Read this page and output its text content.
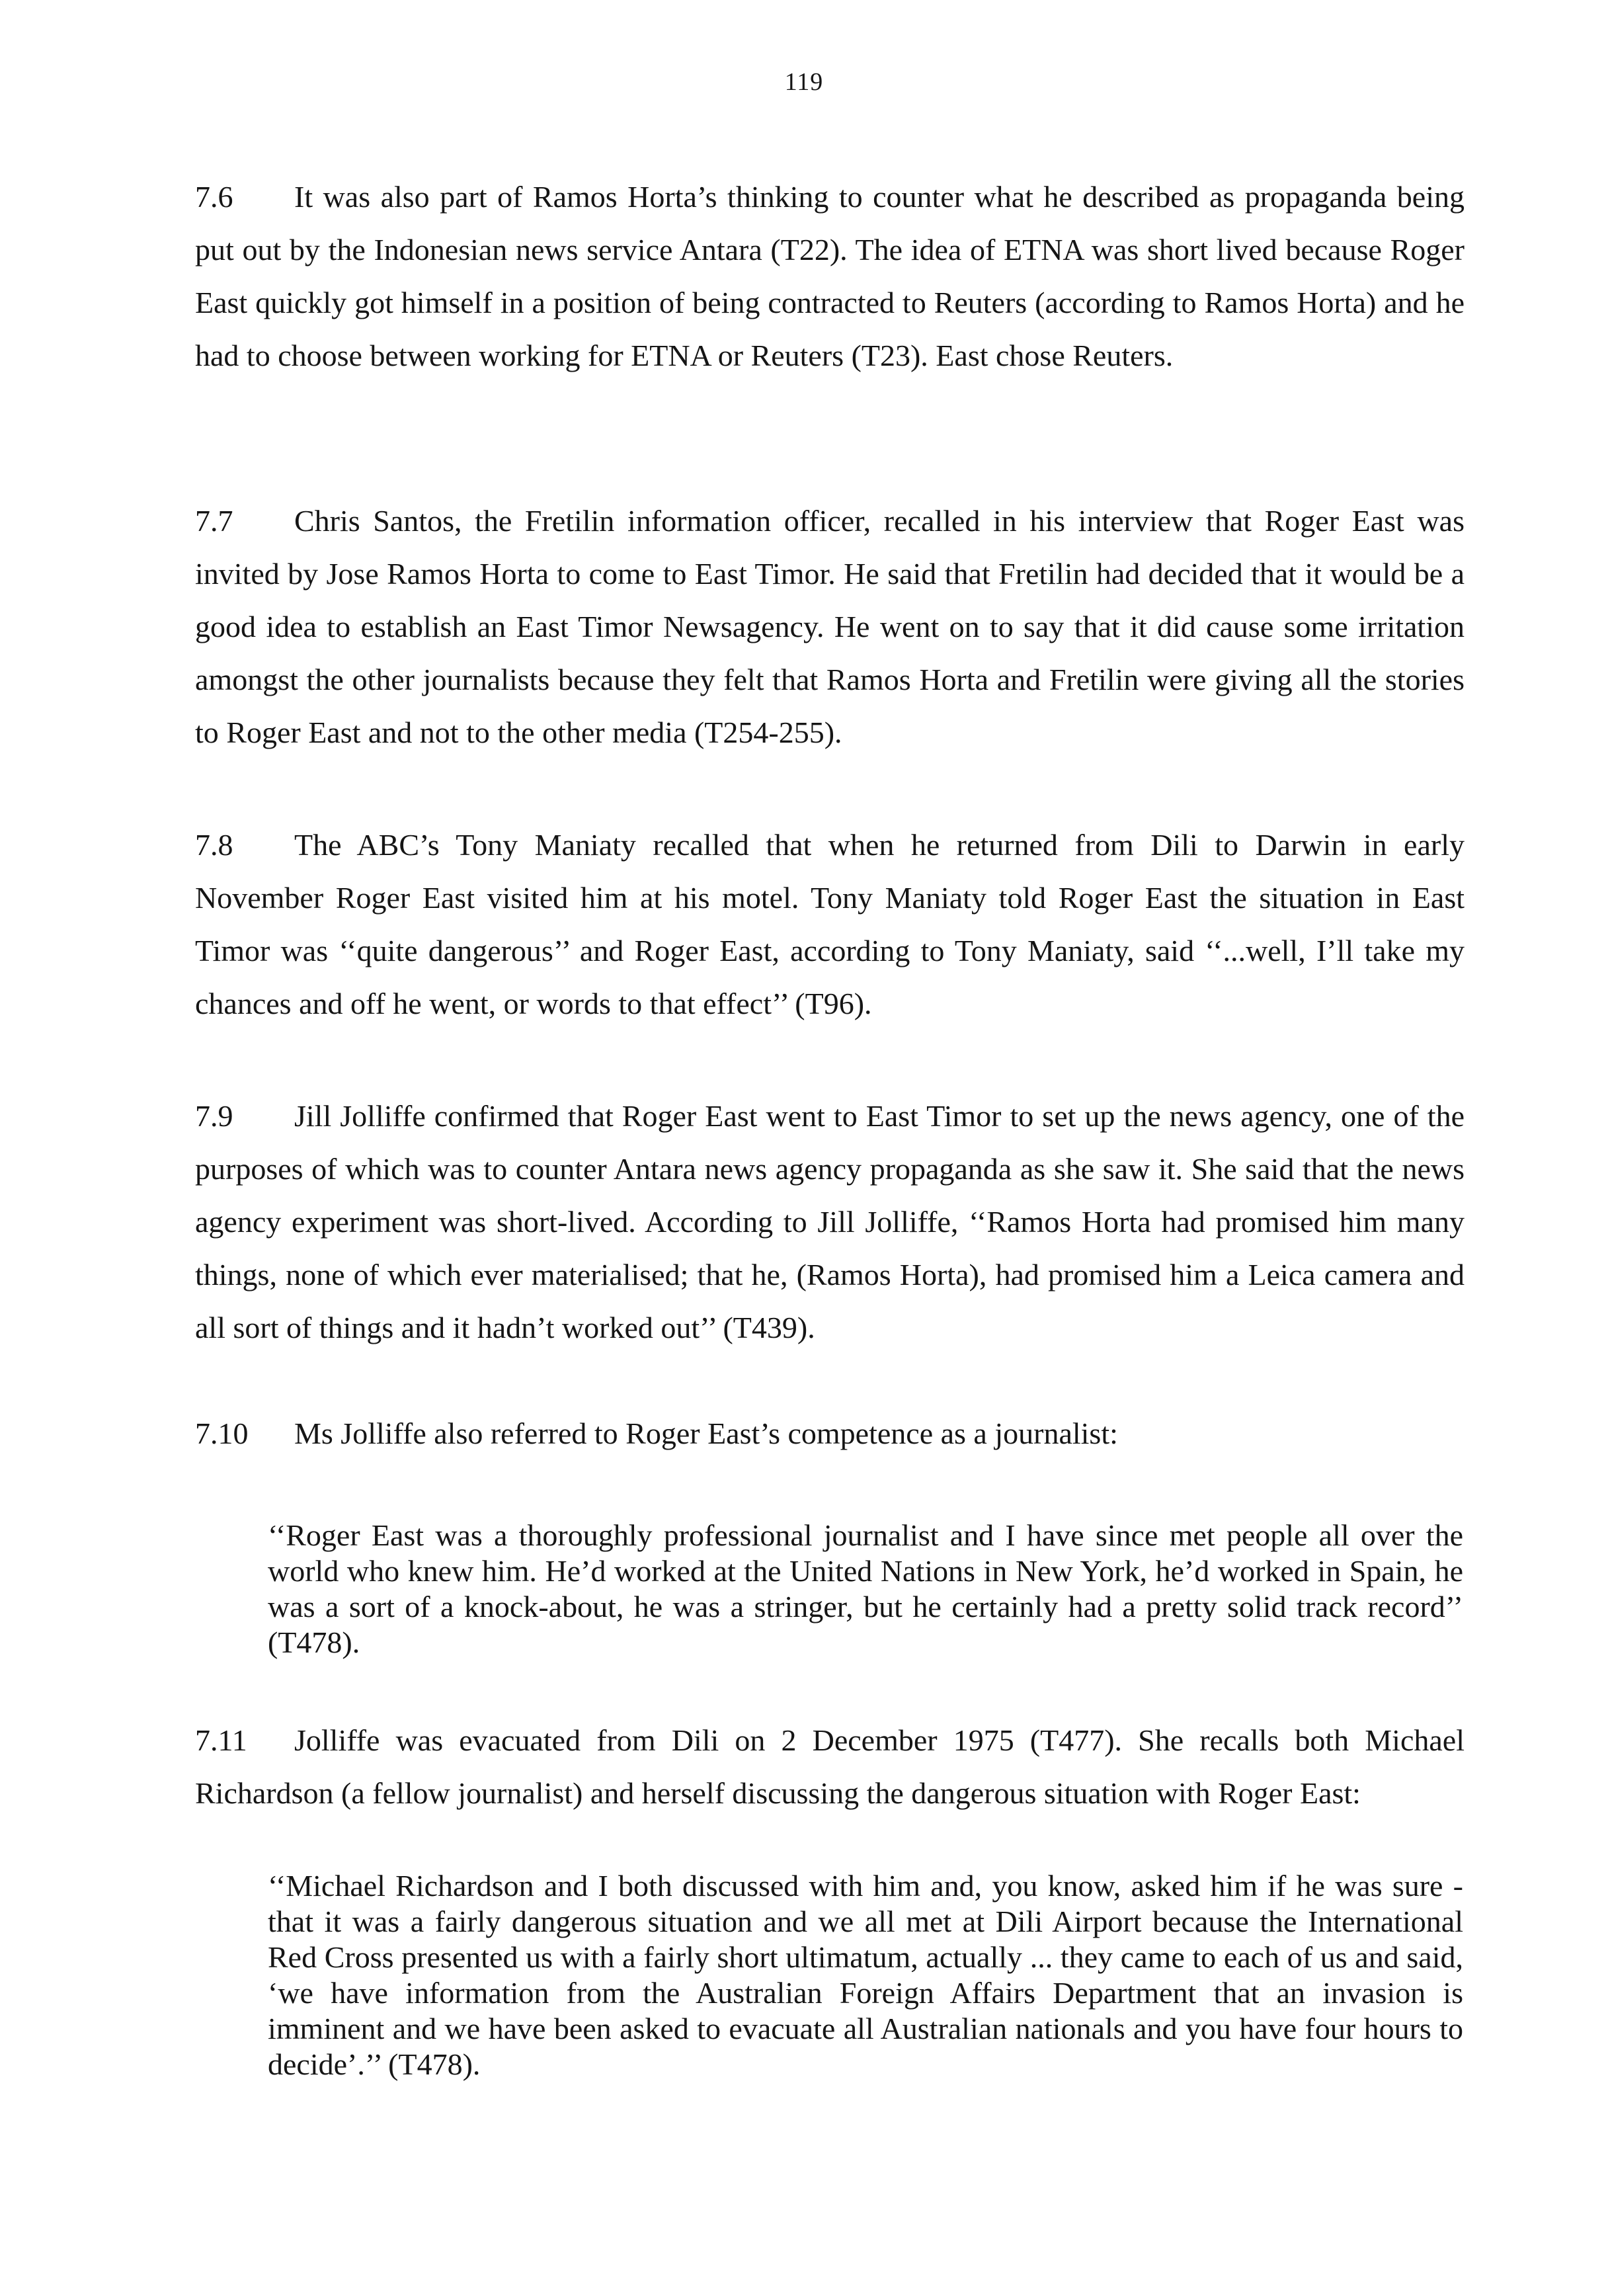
119

7.6 It was also part of Ramos Horta’s thinking to counter what he described as propaganda being put out by the Indonesian news service Antara (T22). The idea of ETNA was short lived because Roger East quickly got himself in a position of being contracted to Reuters (according to Ramos Horta) and he had to choose between working for ETNA or Reuters (T23). East chose Reuters.

7.7 Chris Santos, the Fretilin information officer, recalled in his interview that Roger East was invited by Jose Ramos Horta to come to East Timor. He said that Fretilin had decided that it would be a good idea to establish an East Timor Newsagency. He went on to say that it did cause some irritation amongst the other journalists because they felt that Ramos Horta and Fretilin were giving all the stories to Roger East and not to the other media (T254-255).

7.8 The ABC’s Tony Maniaty recalled that when he returned from Dili to Darwin in early November Roger East visited him at his motel. Tony Maniaty told Roger East the situation in East Timor was ‘‘quite dangerous’’ and Roger East, according to Tony Maniaty, said ‘‘...well, I’ll take my chances and off he went, or words to that effect’’ (T96).

7.9 Jill Jolliffe confirmed that Roger East went to East Timor to set up the news agency, one of the purposes of which was to counter Antara news agency propaganda as she saw it. She said that the news agency experiment was short-lived. According to Jill Jolliffe, ‘‘Ramos Horta had promised him many things, none of which ever materialised; that he, (Ramos Horta), had promised him a Leica camera and all sort of things and it hadn’t worked out’’ (T439).

7.10 Ms Jolliffe also referred to Roger East’s competence as a journalist:

‘‘Roger East was a thoroughly professional journalist and I have since met people all over the world who knew him. He’d worked at the United Nations in New York, he’d worked in Spain, he was a sort of a knock-about, he was a stringer, but he certainly had a pretty solid track record’’ (T478).

7.11 Jolliffe was evacuated from Dili on 2 December 1975 (T477). She recalls both Michael Richardson (a fellow journalist) and herself discussing the dangerous situation with Roger East:

‘‘Michael Richardson and I both discussed with him and, you know, asked him if he was sure - that it was a fairly dangerous situation and we all met at Dili Airport because the International Red Cross presented us with a fairly short ultimatum, actually ... they came to each of us and said, ‘we have information from the Australian Foreign Affairs Department that an invasion is imminent and we have been asked to evacuate all Australian nationals and you have four hours to decide’.’’ (T478).
